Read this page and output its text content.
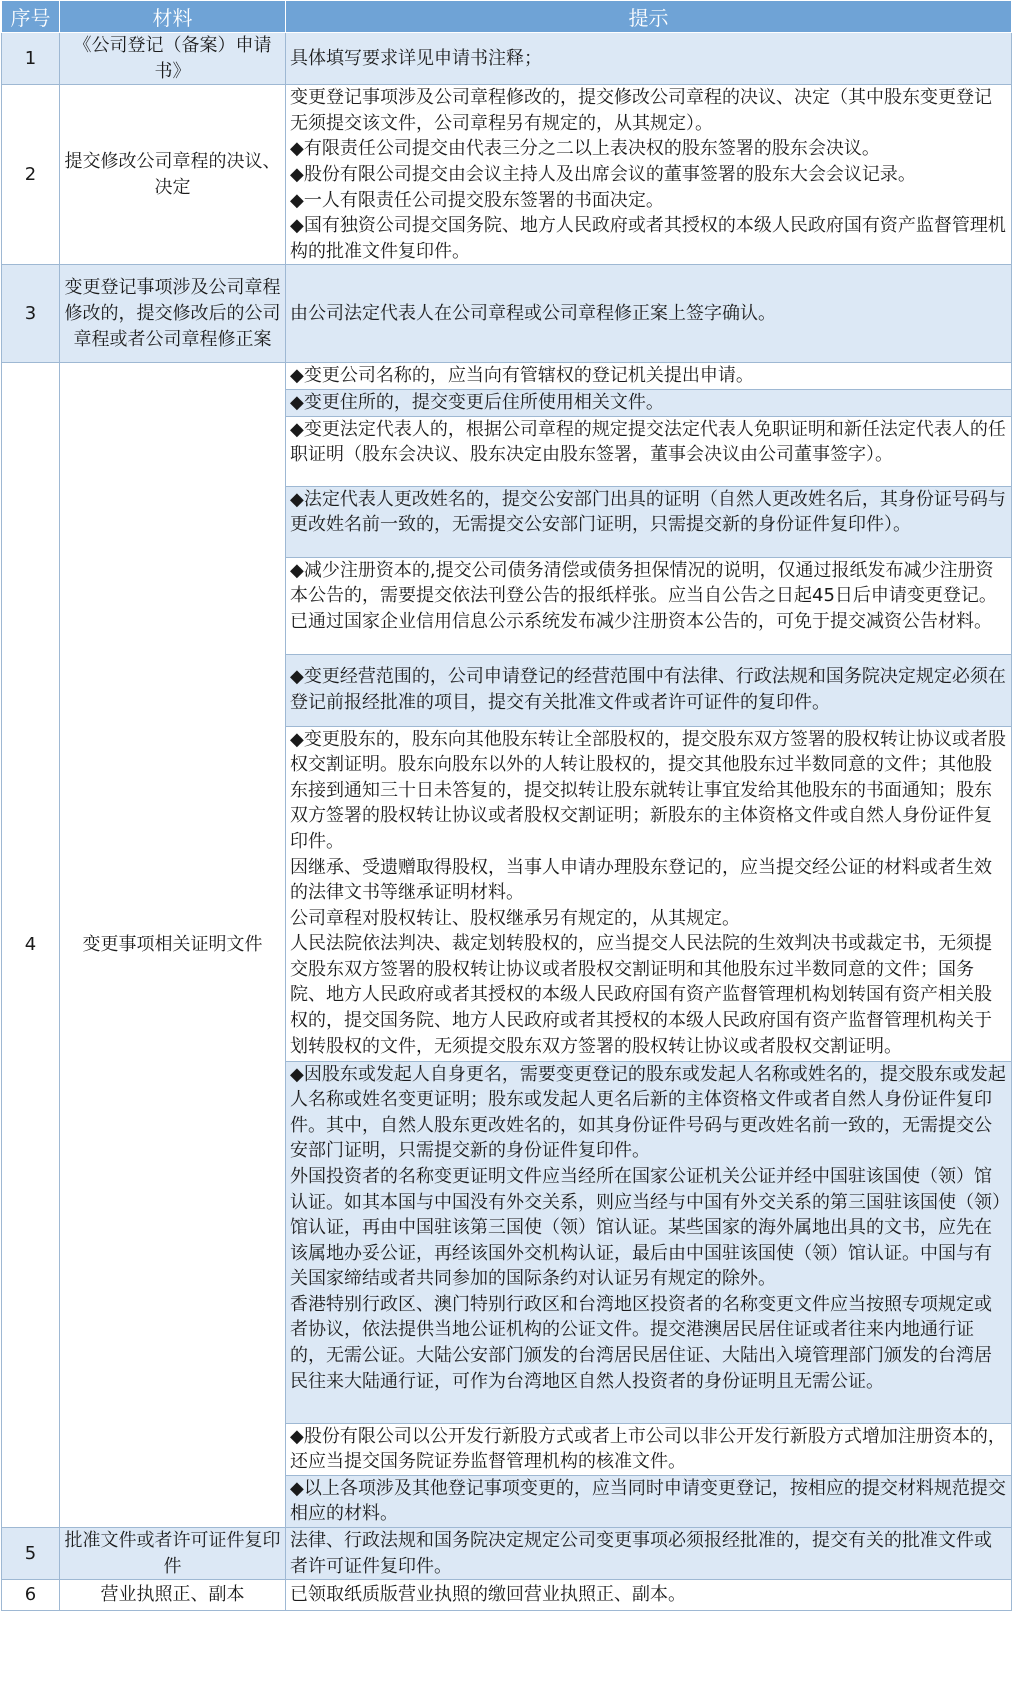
序号	材料	提示
1	《公司登记（备案）申请书》	具体填写要求详见申请书注释；

2	提交修改公司章程的决议、决定	变更登记事项涉及公司章程修改的，提交修改公司章程的决议、决定（其中股东变更登记无须提交该文件，公司章程另有规定的，从其规定）。

◆有限责任公司提交由代表三分之二以上表决权的股东签署的股东会决议。

◆股份有限公司提交由会议主持人及出席会议的董事签署的股东大会会议记录。

◆一人有限责任公司提交股东签署的书面决定。

◆国有独资公司提交国务院、地方人民政府或者其授权的本级人民政府国有资产监督管理机构的批准文件复印件。

3	变更登记事项涉及公司章程修改的，提交修改后的公司章程或者公司章程修正案	由公司法定代表人在公司章程或公司章程修正案上签字确认。

4	变更事项相关证明文件	◆变更公司名称的，应当向有管辖权的登记机关提出申请。

		◆变更住所的，提交变更后住所使用相关文件。

		◆变更法定代表人的，根据公司章程的规定提交法定代表人免职证明和新任法定代表人的任职证明（股东会决议、股东决定由股东签署，董事会决议由公司董事签字）。

		◆法定代表人更改姓名的，提交公安部门出具的证明（自然人更改姓名后，其身份证号码与更改姓名前一致的，无需提交公安部门证明，只需提交新的身份证件复印件）。

		◆减少注册资本的,提交公司债务清偿或债务担保情况的说明，仅通过报纸发布减少注册资本公告的，需要提交依法刊登公告的报纸样张。应当自公告之日起45日后申请变更登记。已通过国家企业信用信息公示系统发布减少注册资本公告的，可免于提交减资公告材料。

		◆变更经营范围的，公司申请登记的经营范围中有法律、行政法规和国务院决定规定必须在登记前报经批准的项目，提交有关批准文件或者许可证件的复印件。

		◆变更股东的，股东向其他股东转让全部股权的，提交股东双方签署的股权转让协议或者股权交割证明。股东向股东以外的人转让股权的，提交其他股东过半数同意的文件；其他股东接到通知三十日未答复的，提交拟转让股东就转让事宜发给其他股东的书面通知；股东双方签署的股权转让协议或者股权交割证明；新股东的主体资格文件或自然人身份证件复印件。

因继承、受遗赠取得股权，当事人申请办理股东登记的，应当提交经公证的材料或者生效的法律文书等继承证明材料。

公司章程对股权转让、股权继承另有规定的，从其规定。

人民法院依法判决、裁定划转股权的，应当提交人民法院的生效判决书或裁定书，无须提交股东双方签署的股权转让协议或者股权交割证明和其他股东过半数同意的文件；国务院、地方人民政府或者其授权的本级人民政府国有资产监督管理机构划转国有资产相关股权的，提交国务院、地方人民政府或者其授权的本级人民政府国有资产监督管理机构关于划转股权的文件，无须提交股东双方签署的股权转让协议或者股权交割证明。

		◆因股东或发起人自身更名，需要变更登记的股东或发起人名称或姓名的，提交股东或发起人名称或姓名变更证明；股东或发起人更名后新的主体资格文件或者自然人身份证件复印件。其中，自然人股东更改姓名的，如其身份证件号码与更改姓名前一致的，无需提交公安部门证明，只需提交新的身份证件复印件。

外国投资者的名称变更证明文件应当经所在国家公证机关公证并经中国驻该国使（领）馆认证。如其本国与中国没有外交关系，则应当经与中国有外交关系的第三国驻该国使（领）馆认证，再由中国驻该第三国使（领）馆认证。某些国家的海外属地出具的文书，应先在该属地办妥公证，再经该国外交机构认证，最后由中国驻该国使（领）馆认证。中国与有关国家缔结或者共同参加的国际条约对认证另有规定的除外。

香港特别行政区、澳门特别行政区和台湾地区投资者的名称变更文件应当按照专项规定或者协议，依法提供当地公证机构的公证文件。提交港澳居民居住证或者往来内地通行证的，无需公证。大陆公安部门颁发的台湾居民居住证、大陆出入境管理部门颁发的台湾居民往来大陆通行证，可作为台湾地区自然人投资者的身份证明且无需公证。

		◆股份有限公司以公开发行新股方式或者上市公司以非公开发行新股方式增加注册资本的，还应当提交国务院证券监督管理机构的核准文件。

		◆以上各项涉及其他登记事项变更的，应当同时申请变更登记，按相应的提交材料规范提交相应的材料。

5	批准文件或者许可证件复印件	法律、行政法规和国务院决定规定公司变更事项必须报经批准的，提交有关的批准文件或者许可证件复印件。

6	营业执照正、副本	已领取纸质版营业执照的缴回营业执照正、副本。
